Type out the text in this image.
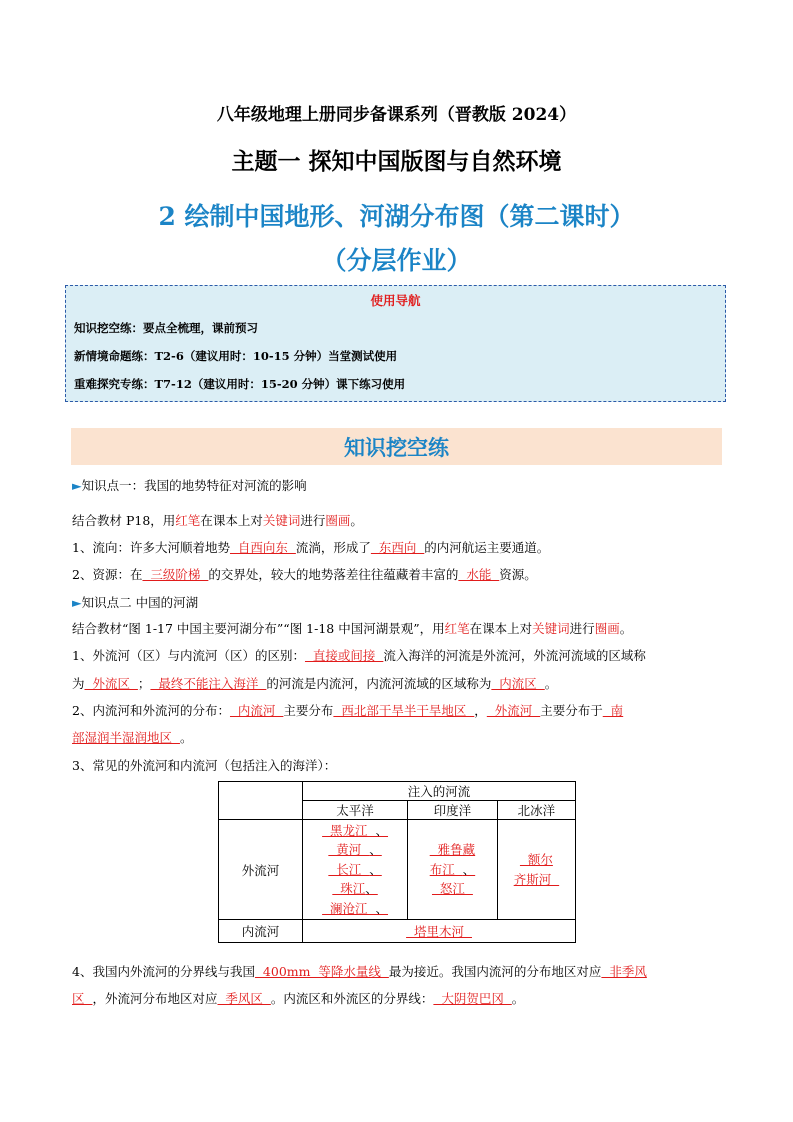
八年级地理上册同步备课系列（晋教版 2024）
主题一 探知中国版图与自然环境
2 绘制中国地形、河湖分布图（第二课时）
（分层作业）
使用导航
知识挖空练：要点全梳理，课前预习
新情境命题练：T2-6（建议用时：10-15 分钟）当堂测试使用
重难探究专练：T7-12（建议用时：15-20 分钟）课下练习使用
知识挖空练
►知识点一：我国的地势特征对河流的影响
结合教材 P18，用红笔在课本上对关键词进行圈画。
1、流向：许多大河顺着地势  自西向东  流淌，形成了  东西向  的内河航运主要通道。
2、资源：在  三级阶梯  的交界处，较大的地势落差往往蕴藏着丰富的  水能  资源。
►知识点二 中国的河湖
结合教材“图 1-17 中国主要河湖分布”“图 1-18 中国河湖景观”，用红笔在课本上对关键词进行圈画。
1、外流河（区）与内流河（区）的区别：  直接或间接  流入海洋的河流是外流河，外流河流域的区域称
为  外流区  ；  最终不能注入海洋  的河流是内流河，内流河流域的区域称为  内流区  。
2、内流河和外流河的分布：  内流河  主要分布  西北部干旱半干旱地区  ，  外流河  主要分布于  南
部湿润半湿润地区  。
3、常见的外流河和内流河（包括注入的海洋）：
	注入的河流		
	太平洋	印度洋	北冰洋
外流河	黑龙江  、
黄河  、
长江  、
珠江、
澜沧江  、	雅鲁藏
布江  、
怒江	额尔
齐斯河

内流河	塔里木河		
4、我国内外流河的分界线与我国  400mm  等降水量线  最为接近。我国内流河的分布地区对应  非季风
区  ，外流河分布地区对应  季风区  。内流区和外流区的分界线：  大阴贺巴冈  。
